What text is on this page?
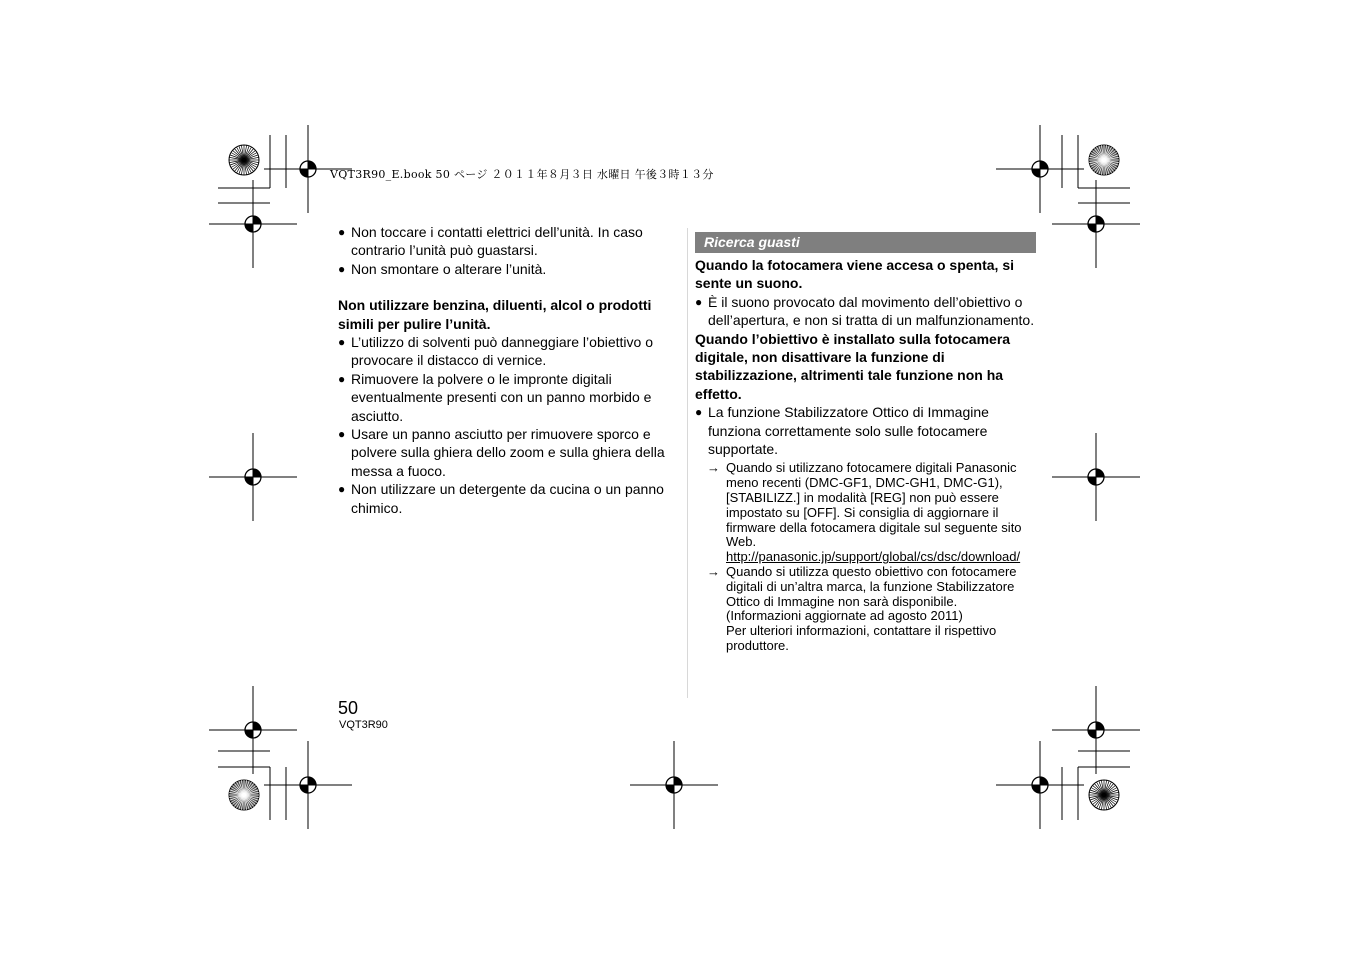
VQT3R90_E.book 50 ページ ２０１１年８月３日 水曜日 午後３時１３分

● Non toccare i contatti elettrici dell’unità. In caso contrario l’unità può guastarsi.

● Non smontare o alterare l’unità.

Non utilizzare benzina, diluenti, alcol o prodotti simili per pulire l’unità.

● L’utilizzo di solventi può danneggiare l’obiettivo o provocare il distacco di vernice.

● Rimuovere la polvere o le impronte digitali eventualmente presenti con un panno morbido e asciutto.

● Usare un panno asciutto per rimuovere sporco e polvere sulla ghiera dello zoom e sulla ghiera della messa a fuoco.

● Non utilizzare un detergente da cucina o un panno chimico.

Ricerca guasti

Quando la fotocamera viene accesa o spenta, si sente un suono.

● È il suono provocato dal movimento dell’obiettivo o dell’apertura, e non si tratta di un malfunzionamento.

Quando l’obiettivo è installato sulla fotocamera digitale, non disattivare la funzione di stabilizzazione, altrimenti tale funzione non ha effetto.

● La funzione Stabilizzatore Ottico di Immagine funziona correttamente solo sulle fotocamere supportate.

→ Quando si utilizzano fotocamere digitali Panasonic meno recenti (DMC-GF1, DMC-GH1, DMC-G1), [STABILIZZ.] in modalità [REG] non può essere impostato su [OFF]. Si consiglia di aggiornare il firmware della fotocamera digitale sul seguente sito Web.
http://panasonic.jp/support/global/cs/dsc/download/

→ Quando si utilizza questo obiettivo con fotocamere digitali di un’altra marca, la funzione Stabilizzatore Ottico di Immagine non sarà disponibile.
(Informazioni aggiornate ad agosto 2011)
Per ulteriori informazioni, contattare il rispettivo produttore.

50
VQT3R90
